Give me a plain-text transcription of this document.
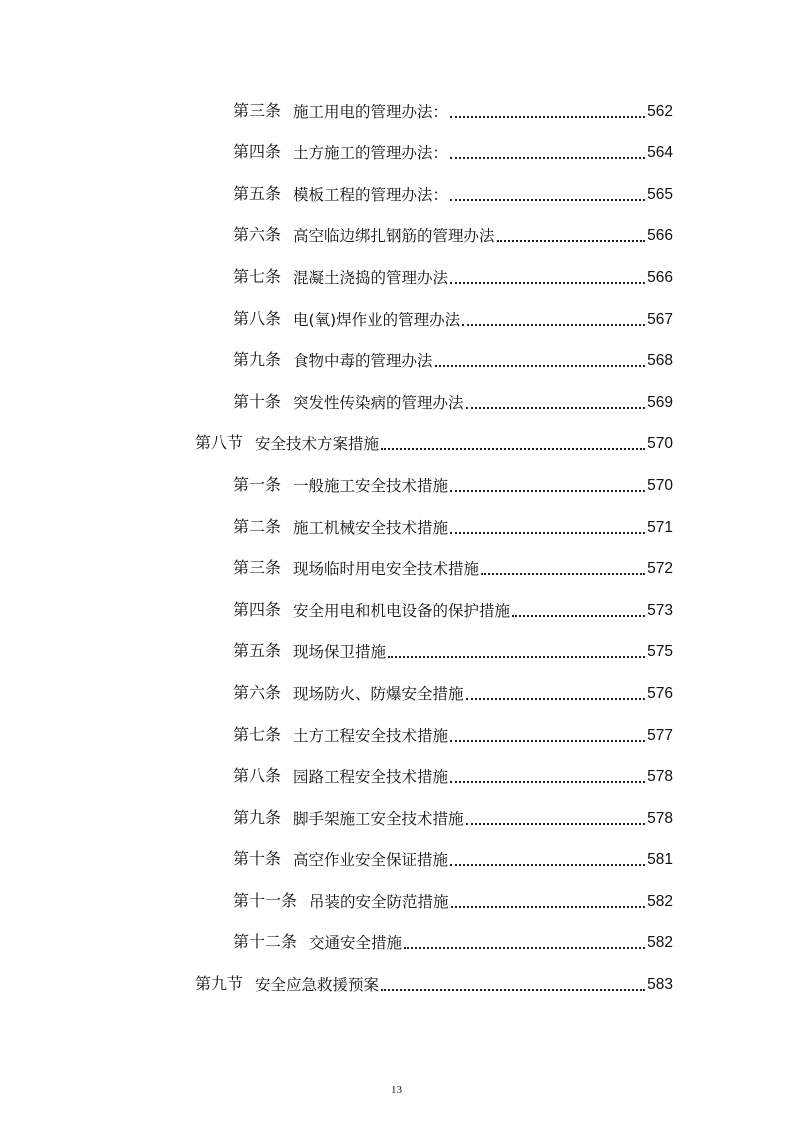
第三条 施工用电的管理办法：	562
第四条 土方施工的管理办法：	564
第五条 模板工程的管理办法：	565
第六条 高空临边绑扎钢筋的管理办法	566
第七条 混凝土浇捣的管理办法	566
第八条 电(氧)焊作业的管理办法	567
第九条 食物中毒的管理办法	568
第十条 突发性传染病的管理办法	569
第八节 安全技术方案措施	570
第一条 一般施工安全技术措施	570
第二条 施工机械安全技术措施	571
第三条 现场临时用电安全技术措施	572
第四条 安全用电和机电设备的保护措施	573
第五条 现场保卫措施	575
第六条 现场防火、防爆安全措施	576
第七条 土方工程安全技术措施	577
第八条 园路工程安全技术措施	578
第九条 脚手架施工安全技术措施	578
第十条 高空作业安全保证措施	581
第十一条 吊装的安全防范措施	582
第十二条 交通安全措施	582
第九节 安全应急救援预案	583
13
